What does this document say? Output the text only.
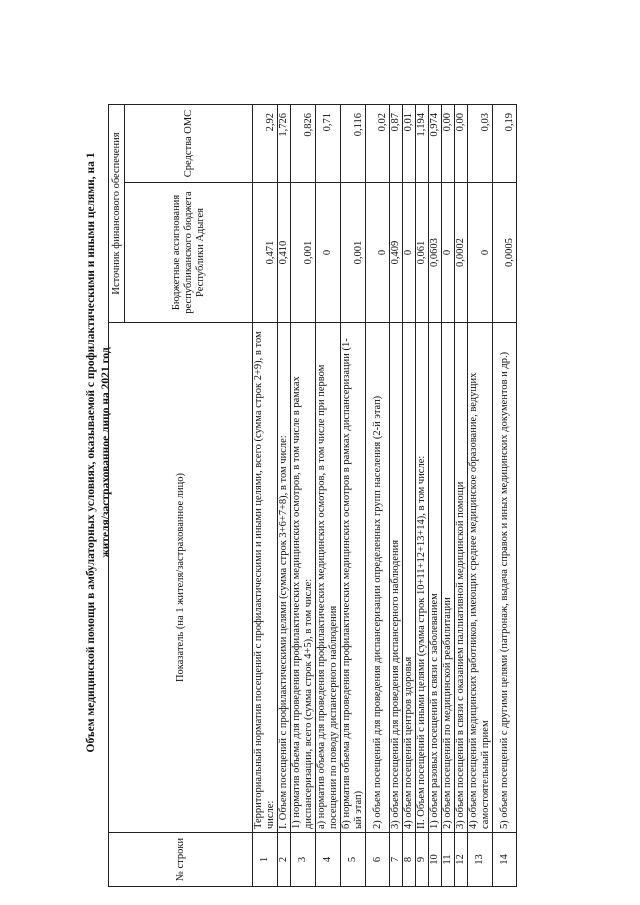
Объем медицинской помощи в амбулаторных условиях, оказываемой с профилактическими и иными целями, на 1 жителя/застрахованное лицо на 2021 год
№ строки	Показатель (на 1 жителя/застрахованное лицо)	Источник финансового обеспечения	
		Бюджетные ассигнования республиканского бюджета Республики Адыгея	Средства ОМС
1	Территориальный норматив посещений с профилактическими и иными целями, всего (сумма строк 2+9), в том числе:	0,471	2,92
2	I. Объем посещений с профилактическими целями (сумма строк 3+6+7+8), в том числе:	0,410	1,726
3	1) норматив объема для проведения профилактических медицинских осмотров, в том числе в рамках диспансеризации, всего (сумма строк 4+5), в том числе:	0,001	0,826
4	а) норматив объема для проведения профилактических медицинских осмотров, в том числе при первом посещении по поводу диспансерного наблюдения	0	0,71
5	б) норматив объема для проведения профилактических медицинских осмотров в рамках диспансеризации (1-ый этап)	0,001	0,116
6	2) объем посещений для проведения диспансеризации определенных групп населения (2-й этап)	0	0,02
7	3) объем посещений для проведения диспансерного наблюдения	0,409	0,87
8	4) объем посещений центров здоровья	0	0,01
9	II. Объем посещений с иными целями (сумма строк 10+11+12+13+14), в том числе:	0,061	1,194
10	1) объем разовых посещений в связи с заболеванием	0,0603	0,974
11	2) объем посещений по медицинской реабилитации	0	0,00
12	3) объем посещений в связи с оказанием паллиативной медицинской помощи	0,0002	0,00
13	4) объем посещений медицинских работников, имеющих среднее медицинское образование, ведущих самостоятельный прием	0	0,03
14	5) объем посещений с другими целями (патронаж, выдача справок и иных медицинских документов и др.)	0,0005	0,19
